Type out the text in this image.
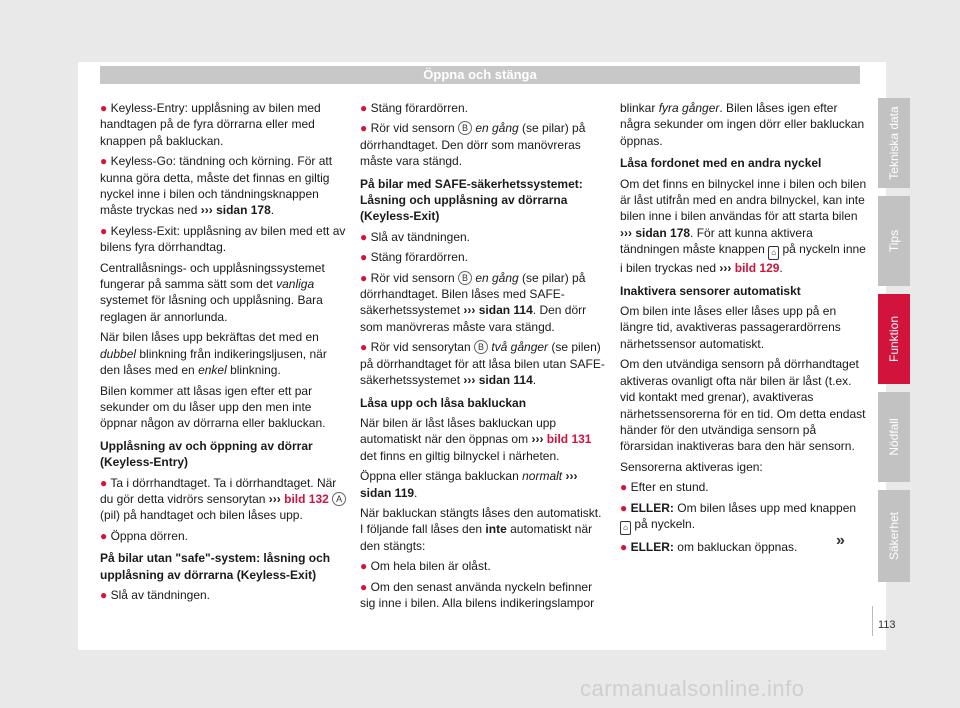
Öppna och stänga

● Keyless-Entry: upplåsning av bilen med handtagen på de fyra dörrarna eller med knappen på bakluckan.

● Keyless-Go: tändning och körning. För att kunna göra detta, måste det finnas en giltig nyckel inne i bilen och tändningsknappen måste tryckas ned ››› sidan 178.

● Keyless-Exit: upplåsning av bilen med ett av bilens fyra dörrhandtag.

Centrallåsnings- och upplåsningssystemet fungerar på samma sätt som det vanliga systemet för låsning och upplåsning. Bara reglagen är annorlunda.

När bilen låses upp bekräftas det med en dubbel blinkning från indikeringsljusen, när den låses med en enkel blinkning.

Bilen kommer att låsas igen efter ett par sekunder om du låser upp den men inte öppnar någon av dörrarna eller bakluckan.

Upplåsning av och öppning av dörrar (Keyless-Entry)

● Ta i dörrhandtaget. Ta i dörrhandtaget. När du gör detta vidrörs sensorytan ››› bild 132 A (pil) på handtaget och bilen låses upp.

● Öppna dörren.

På bilar utan "safe"-system: låsning och upplåsning av dörrarna (Keyless-Exit)

● Slå av tändningen.

● Stäng förardörren.

● Rör vid sensorn B en gång (se pilar) på dörrhandtaget. Den dörr som manövreras måste vara stängd.

På bilar med SAFE-säkerhetssystemet: Låsning och upplåsning av dörrarna (Keyless-Exit)

● Slå av tändningen.

● Stäng förardörren.

● Rör vid sensorn B en gång (se pilar) på dörrhandtaget. Bilen låses med SAFE-säkerhetssystemet ››› sidan 114. Den dörr som manövreras måste vara stängd.

● Rör vid sensorytan B två gånger (se pilen) på dörrhandtaget för att låsa bilen utan SAFE-säkerhetssystemet ››› sidan 114.

Låsa upp och låsa bakluckan

När bilen är låst låses bakluckan upp automatiskt när den öppnas om ››› bild 131 det finns en giltig bilnyckel i närheten.

Öppna eller stänga bakluckan normalt ››› sidan 119.

När bakluckan stängts låses den automatiskt. I följande fall låses den inte automatiskt när den stängts:

● Om hela bilen är olåst.

● Om den senast använda nyckeln befinner sig inne i bilen. Alla bilens indikeringslampor

blinkar fyra gånger. Bilen låses igen efter några sekunder om ingen dörr eller bakluckan öppnas.

Låsa fordonet med en andra nyckel

Om det finns en bilnyckel inne i bilen och bilen är låst utifrån med en andra bilnyckel, kan inte bilen inne i bilen användas för att starta bilen ››› sidan 178. För att kunna aktivera tändningen måste knappen ⌂ på nyckeln inne i bilen tryckas ned ››› bild 129.

Inaktivera sensorer automatiskt

Om bilen inte låses eller låses upp på en längre tid, avaktiveras passagerardörrens närhetssensor automatiskt.

Om den utvändiga sensorn på dörrhandtaget aktiveras ovanligt ofta när bilen är låst (t.ex. vid kontakt med grenar), avaktiveras närhetssensorerna för en tid. Om detta endast händer för den utvändiga sensorn på förarsidan inaktiveras bara den här sensorn.

Sensorerna aktiveras igen:

● Efter en stund.

● ELLER: Om bilen låses upp med knappen ⌂ på nyckeln.

● ELLER: om bakluckan öppnas.	»
Tekniska data
Tips
Funktion
Nödfall
Säkerhet
113
carmanualsonline.info
